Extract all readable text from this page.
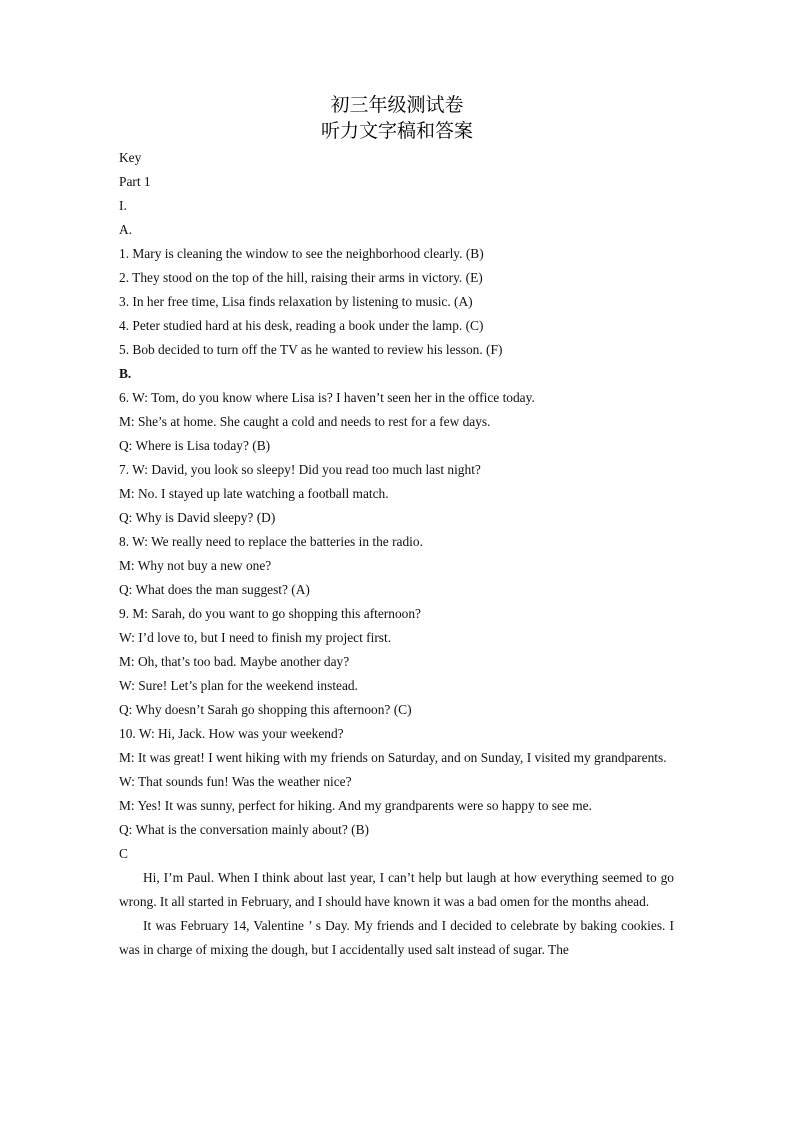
初三年级测试卷
听力文字稿和答案
Key
Part 1
I.
A.
1. Mary is cleaning the window to see the neighborhood clearly. (B)
2. They stood on the top of the hill, raising their arms in victory. (E)
3. In her free time, Lisa finds relaxation by listening to music. (A)
4. Peter studied hard at his desk, reading a book under the lamp. (C)
5. Bob decided to turn off the TV as he wanted to review his lesson. (F)
B.
6. W: Tom, do you know where Lisa is? I haven’t seen her in the office today.
M: She’s at home. She caught a cold and needs to rest for a few days.
Q: Where is Lisa today? (B)
7. W: David, you look so sleepy! Did you read too much last night?
M: No. I stayed up late watching a football match.
Q: Why is David sleepy? (D)
8. W: We really need to replace the batteries in the radio.
M: Why not buy a new one?
Q: What does the man suggest? (A)
9. M: Sarah, do you want to go shopping this afternoon?
W: I’d love to, but I need to finish my project first.
M: Oh, that’s too bad. Maybe another day?
W: Sure! Let’s plan for the weekend instead.
Q: Why doesn’t Sarah go shopping this afternoon? (C)
10. W: Hi, Jack. How was your weekend?
M: It was great! I went hiking with my friends on Saturday, and on Sunday, I visited my grandparents.
W: That sounds fun! Was the weather nice?
M: Yes! It was sunny, perfect for hiking. And my grandparents were so happy to see me.
Q: What is the conversation mainly about? (B)
C
Hi, I’m Paul. When I think about last year, I can’t help but laugh at how everything seemed to go wrong. It all started in February, and I should have known it was a bad omen for the months ahead.
It was February 14, Valentine ’ s Day. My friends and I decided to celebrate by baking cookies. I was in charge of mixing the dough, but I accidentally used salt instead of sugar. The
